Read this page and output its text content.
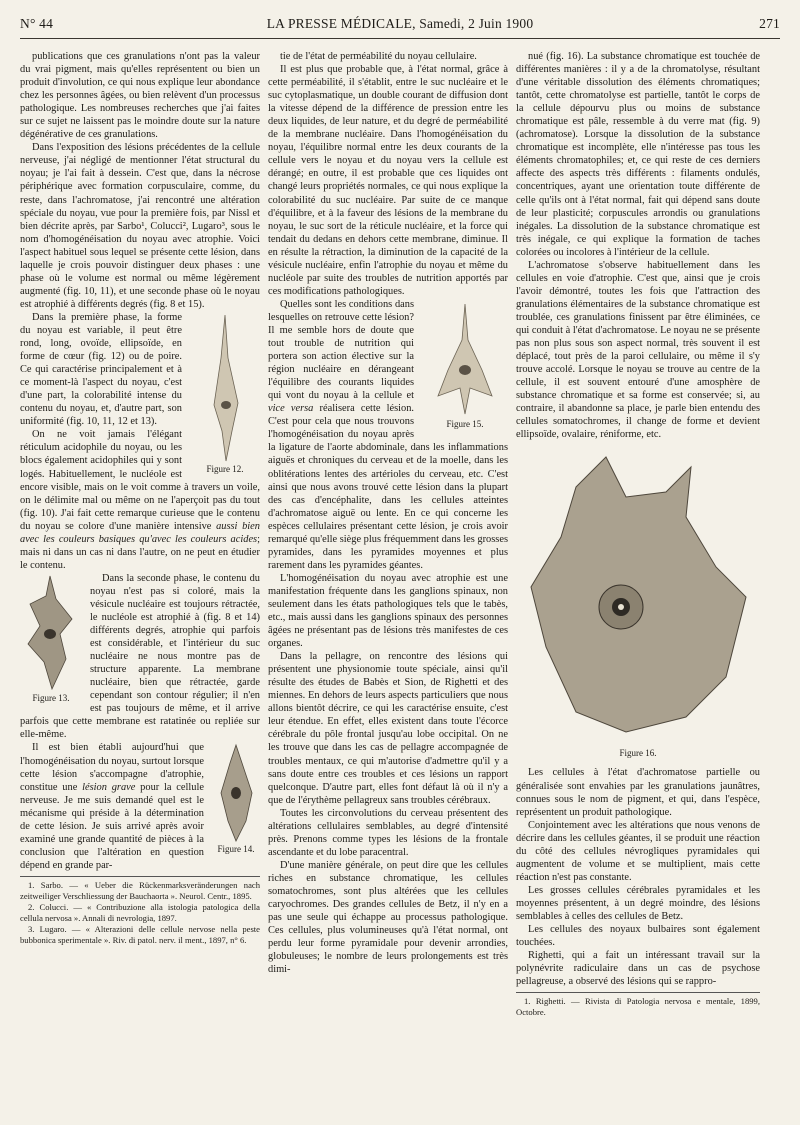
N° 44	LA PRESSE MÉDICALE, Samedi, 2 Juin 1900	271

publications que ces granulations n'ont pas la valeur du vrai pigment, mais qu'elles représentent ou bien un produit d'involution, ce qui nous explique leur abondance chez les personnes âgées, ou bien relèvent d'un processus pathologique. Les nombreuses recherches que j'ai faites sur ce sujet ne laissent pas le moindre doute sur la nature dégénérative de ces granulations.

Dans l'exposition des lésions précédentes de la cellule nerveuse, j'ai négligé de mentionner l'état structural du noyau; je l'ai fait à dessein. C'est que, dans la nécrose périphérique avec formation corpusculaire, comme, du reste, dans l'achromatose, j'ai rencontré une altération spéciale du noyau, vue pour la première fois, par Nissl et bien décrite après, par Sarbo¹, Colucci², Lugaro³, sous le nom d'homogénéisation du noyau avec atrophie. Voici l'aspect habituel sous lequel se présente cette lésion, dans laquelle je crois pouvoir distinguer deux phases : une phase où le volume est normal ou même légèrement augmenté (fig. 10, 11), et une seconde phase où le noyau est atrophié à différents degrés (fig. 8 et 15).

Figure 12.

Dans la première phase, la forme du noyau est variable, il peut être rond, long, ovoïde, ellipsoïde, en forme de cœur (fig. 12) ou de poire. Ce qui caractérise principalement et à ce moment-là l'aspect du noyau, c'est d'une part, la colorabilité intense du contenu du noyau, et, d'autre part, son uniformité (fig. 10, 11, 12 et 13).

On ne voit jamais l'élégant réticulum acidophile du noyau, ou les blocs également acidophiles qui y sont logés. Habituellement, le nucléole est encore visible, mais on le voit comme à travers un voile, on le délimite mal ou même on ne l'aperçoit pas du tout (fig. 10). J'ai fait cette remarque curieuse que le contenu du noyau se colore d'une manière intensive aussi bien avec les couleurs basiques qu'avec les couleurs acides; mais ni dans un cas ni dans l'autre, on ne peut en étudier le contenu.

Figure 13.

Dans la seconde phase, le contenu du noyau n'est pas si coloré, mais la vésicule nucléaire est toujours rétractée, le nucléole est atrophié à (fig. 8 et 14) différents degrés, atrophie qui parfois est considérable, et l'intérieur du suc nucléaire ne nous montre pas de structure apparente. La membrane nucléaire, bien que rétractée, garde cependant son contour régulier; il n'en est pas toujours de même, et il arrive parfois que cette membrane est ratatinée ou repliée sur elle-même.

Figure 14.

Il est bien établi aujourd'hui que l'homogénéisation du noyau, surtout lorsque cette lésion s'accompagne d'atrophie, constitue une lésion grave pour la cellule nerveuse. Je me suis demandé quel est le mécanisme qui préside à la détermination de cette lésion. Je suis arrivé après avoir examiné une grande quantité de pièces à la conclusion que l'altération en question dépend en grande par-

1. Sarbo. — « Ueber die Rückenmarksveränderungen nach zeitweiliger Verschliessung der Bauchaorta ». Neurol. Centr., 1895.

2. Colucci. — « Contribuzione alla istologia patologica della cellula nervosa ». Annali di nevrologia, 1897.

3. Lugaro. — « Alterazioni delle cellule nervose nella peste bubbonica sperimentale ». Riv. di patol. nerv. il ment., 1897, n° 6.

tie de l'état de perméabilité du noyau cellulaire.

Il est plus que probable que, à l'état normal, grâce à cette perméabilité, il s'établit, entre le suc nucléaire et le suc cytoplasmatique, un double courant de diffusion dont la vitesse dépend de la différence de pression entre les deux liquides, de leur nature, et du degré de perméabilité de la membrane nucléaire. Dans l'homogénéisation du noyau, l'équilibre normal entre les deux courants de la cellule vers le noyau et du noyau vers la cellule est dérangé; en outre, il est probable que ces liquides ont changé leurs propriétés normales, ce qui nous explique la colorabilité du suc nucléaire. Par suite de ce manque d'équilibre, et à la faveur des lésions de la membrane du noyau, le suc sort de la réticule nucléaire, et la force qui tendait du dedans en dehors cette membrane, diminue. Il en résulte la rétraction, la diminution de la capacité de la vésicule nucléaire, enfin l'atrophie du noyau et même du nucléole par suite des troubles de nutrition apportés par ces modifications pathologiques.

Figure 15.

Quelles sont les conditions dans lesquelles on retrouve cette lésion? Il me semble hors de doute que tout trouble de nutrition qui portera son action élective sur la région nucléaire en dérangeant l'équilibre des courants liquides qui vont du noyau à la cellule et vice versa réalisera cette lésion. C'est pour cela que nous trouvons l'homogénéisation du noyau après la ligature de l'aorte abdominale, dans les inflammations aiguës et chroniques du cerveau et de la moelle, dans les oblitérations lentes des artérioles du cerveau, etc. C'est ainsi que nous avons trouvé cette lésion dans la plupart des cas d'encéphalite, dans les cellules atteintes d'achromatose aiguë ou lente. En ce qui concerne les espèces cellulaires présentant cette lésion, je crois avoir remarqué qu'elle siège plus fréquemment dans les grosses pyramides, dans les pyramides moyennes et plus rarement dans les pyramides géantes.

L'homogénéisation du noyau avec atrophie est une manifestation fréquente dans les ganglions spinaux, non seulement dans les états pathologiques tels que le tabès, etc., mais aussi dans les ganglions spinaux des personnes âgées ne présentant pas de lésions très manifestes de ces organes.

Dans la pellagre, on rencontre des lésions qui présentent une physionomie toute spéciale, ainsi qu'il résulte des études de Babès et Sion, de Righetti et des miennes. En dehors de leurs aspects particuliers que nous allons bientôt décrire, ce qui les caractérise ensuite, c'est leur étendue. En effet, elles existent dans toute l'écorce cérébrale du pôle frontal jusqu'au lobe occipital. On ne les trouve que dans les cas de pellagre accompagnée de troubles mentaux, ce qui m'autorise d'admettre qu'il y a sans doute entre ces troubles et ces lésions un rapport quelconque. D'autre part, elles font défaut là où il n'y a que de l'érythème pellagreux sans troubles cérébraux.

Toutes les circonvolutions du cerveau présentent des altérations cellulaires semblables, au degré d'intensité près. Prenons comme types les lésions de la frontale ascendante et du lobe paracentral.

D'une manière générale, on peut dire que les cellules riches en substance chromatique, les cellules somatochromes, sont plus altérées que les cellules caryochromes. Des grandes cellules de Betz, il n'y en a pas une seule qui échappe au processus pathologique. Ces cellules, plus volumineuses qu'à l'état normal, ont perdu leur forme pyramidale pour devenir arrondies, globuleuses; le nombre de leurs prolongements est très dimi-

nué (fig. 16). La substance chromatique est touchée de différentes manières : il y a de la chromatolyse, résultant d'une véritable dissolution des éléments chromatiques; tantôt, cette chromatolyse est partielle, tantôt le corps de la cellule dépourvu plus ou moins de substance chromatique est pâle, ressemble à du verre mat (fig. 9) (achromatose). Lorsque la dissolution de la substance chromatique est incomplète, elle n'intéresse pas tous les éléments chromatophiles; et, ce qui reste de ces derniers affecte des aspects très différents : filaments ondulés, concentriques, ayant une orientation toute différente de celle qu'ils ont à l'état normal, fait qui dépend sans doute de leur plasticité; corpuscules arrondis ou granulations inégales. La dissolution de la substance chromatique est très inégale, ce qui explique la formation de taches colorées ou incolores à l'intérieur de la cellule.

L'achromatose s'observe habituellement dans les cellules en voie d'atrophie. C'est que, ainsi que je crois l'avoir démontré, toutes les fois que l'attraction des granulations élémentaires de la substance chromatique est troublée, ces granulations finissent par être éliminées, ce qui conduit à l'état d'achromatose. Le noyau ne se présente pas non plus sous son aspect normal, très souvent il est déplacé, tout près de la paroi cellulaire, ou même il s'y trouve accolé. Lorsque le noyau se trouve au centre de la cellule, il est souvent entouré d'une amosphère de substance chromatique et sa forme est conservée; si, au contraire, il abandonne sa place, je parle bien entendu des cellules somatochromes, il change de forme et devient ellipsoïde, ovalaire, réniforme, etc.

Figure 16.

Les cellules à l'état d'achromatose partielle ou généralisée sont envahies par les granulations jaunâtres, connues sous le nom de pigment, et qui, dans l'espèce, représentent un produit pathologique.

Conjointement avec les altérations que nous venons de décrire dans les cellules géantes, il se produit une réaction du côté des cellules névrogliques pyramidales qui augmentent de volume et se multiplient, mais cette réaction n'est pas constante.

Les grosses cellules cérébrales pyramidales et les moyennes présentent, à un degré moindre, des lésions semblables à celles des cellules de Betz.

Les cellules des noyaux bulbaires sont également touchées.

Righetti, qui a fait un intéressant travail sur la polynévrite radiculaire dans un cas de psychose pellagreuse, a observé des lésions qui se rappro-

1. Righetti. — Rivista di Patologia nervosa e mentale, 1899, Octobre.
